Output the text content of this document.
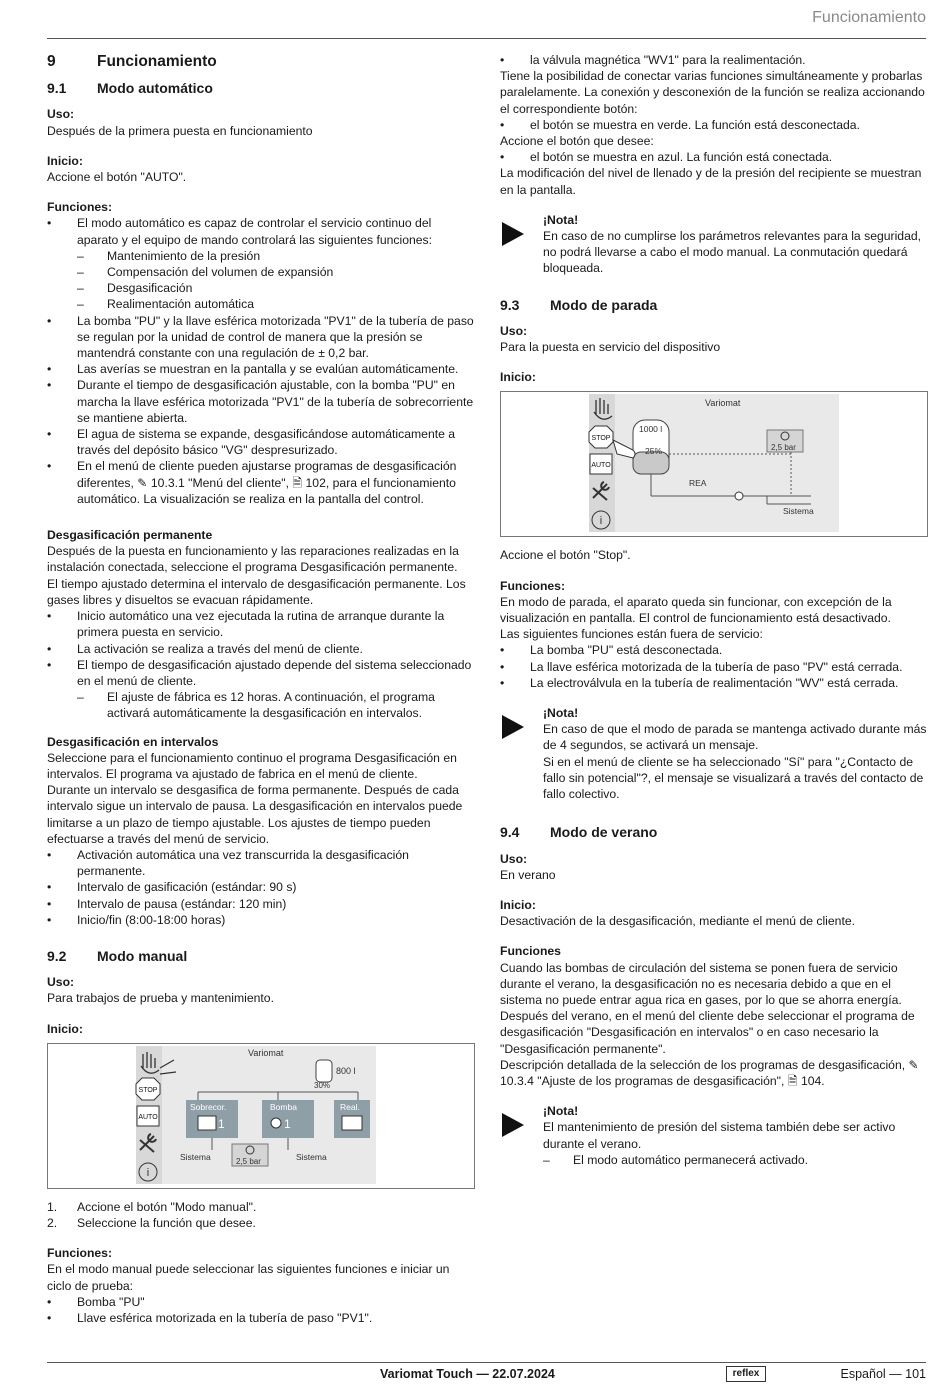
Funcionamiento
9	Funcionamiento
9.1 Modo automático
Uso:

Después de la primera puesta en funcionamiento

Inicio:

Accione el botón "AUTO".

Funciones:
• El modo automático es capaz de controlar el servicio continuo del aparato y el equipo de mando controlará las siguientes funciones:
– Mantenimiento de la presión
– Compensación del volumen de expansión
– Desgasificación
– Realimentación automática
• La bomba "PU" y la llave esférica motorizada "PV1" de la tubería de paso se regulan por la unidad de control de manera que la presión se mantendrá constante con una regulación de ± 0,2 bar.
• Las averías se muestran en la pantalla y se evalúan automáticamente.
• Durante el tiempo de desgasificación ajustable, con la bomba "PU" en marcha la llave esférica motorizada "PV1" de la tubería de sobrecorriente se mantiene abierta.
• El agua de sistema se expande, desgasificándose automáticamente a través del depósito básico "VG" despresurizado.
• En el menú de cliente pueden ajustarse programas de desgasificación diferentes, ✎ 10.3.1 "Menú del cliente", 🗎 102, para el funcionamiento automático. La visualización se realiza en la pantalla del control.
Desgasificación permanente

Después de la puesta en funcionamiento y las reparaciones realizadas en la instalación conectada, seleccione el programa Desgasificación permanente.

El tiempo ajustado determina el intervalo de desgasificación permanente. Los gases libres y disueltos se evacuan rápidamente.

• Inicio automático una vez ejecutada la rutina de arranque durante la primera puesta en servicio.
• La activación se realiza a través del menú de cliente.
• El tiempo de desgasificación ajustado depende del sistema seleccionado en el menú de cliente.
– El ajuste de fábrica es 12 horas. A continuación, el programa activará automáticamente la desgasificación en intervalos.
Desgasificación en intervalos

Seleccione para el funcionamiento continuo el programa Desgasificación en intervalos. El programa va ajustado de fabrica en el menú de cliente.

Durante un intervalo se desgasifica de forma permanente. Después de cada intervalo sigue un intervalo de pausa. La desgasificación en intervalos puede limitarse a un plazo de tiempo ajustable. Los ajustes de tiempo pueden efectuarse a través del menú de servicio.

• Activación automática una vez transcurrida la desgasificación permanente.
• Intervalo de gasificación (estándar: 90 s)
• Intervalo de pausa (estándar: 120 min)
• Inicio/fin (8:00-18:00 horas)
9.2 Modo manual
Uso:

Para trabajos de prueba y mantenimiento.

Inicio:
STOP
AUTO
i
Variomat
800 l
30%
Sobrecor.	Bomba	Real.
1	1
Sistema	Sistema
2,5 bar
1. Accione el botón "Modo manual".
2. Seleccione la función que desee.
Funciones:

En el modo manual puede seleccionar las siguientes funciones e iniciar un ciclo de prueba:

• Bomba "PU"
• Llave esférica motorizada en la tubería de paso "PV1".
• la válvula magnética "WV1" para la realimentación.

Tiene la posibilidad de conectar varias funciones simultáneamente y probarlas paralelamente. La conexión y desconexión de la función se realiza accionando el correspondiente botón:

• el botón se muestra en verde. La función está desconectada.

Accione el botón que desee:

• el botón se muestra en azul. La función está conectada.

La modificación del nivel de llenado y de la presión del recipiente se muestran en la pantalla.

¡Nota!

En caso de no cumplirse los parámetros relevantes para la seguridad, no podrá llevarse a cabo el modo manual. La conmutación quedará bloqueada.

9.3 Modo de parada
Uso:

Para la puesta en servicio del dispositivo

Inicio:
STOP
AUTO
i
Variomat
1000 l
25%
REA
2,5 bar
Sistema

Accione el botón "Stop".

Funciones:

En modo de parada, el aparato queda sin funcionar, con excepción de la visualización en pantalla. El control de funcionamiento está desactivado.

Las siguientes funciones están fuera de servicio:

• La bomba "PU" está desconectada.
• La llave esférica motorizada de la tubería de paso "PV" está cerrada.
• La electroválvula en la tubería de realimentación "WV" está cerrada.
¡Nota!

En caso de que el modo de parada se mantenga activado durante más de 4 segundos, se activará un mensaje.

Si en el menú de cliente se ha seleccionado "Sí" para "¿Contacto de fallo sin potencial"?, el mensaje se visualizará a través del contacto de fallo colectivo.

9.4 Modo de verano
Uso:

En verano

Inicio:

Desactivación de la desgasificación, mediante el menú de cliente.

Funciones

Cuando las bombas de circulación del sistema se ponen fuera de servicio durante el verano, la desgasificación no es necesaria debido a que en el sistema no puede entrar agua rica en gases, por lo que se ahorra energía.

Después del verano, en el menú del cliente debe seleccionar el programa de desgasificación "Desgasificación en intervalos" o en caso necesario la "Desgasificación permanente".

Descripción detallada de la selección de los programas de desgasificación, ✎ 10.3.4 "Ajuste de los programas de desgasificación", 🗎 104.

¡Nota!

El mantenimiento de presión del sistema también debe ser activo durante el verano.

– El modo automático permanecerá activado.
Variomat Touch — 22.07.2024	reflex	Español — 101
